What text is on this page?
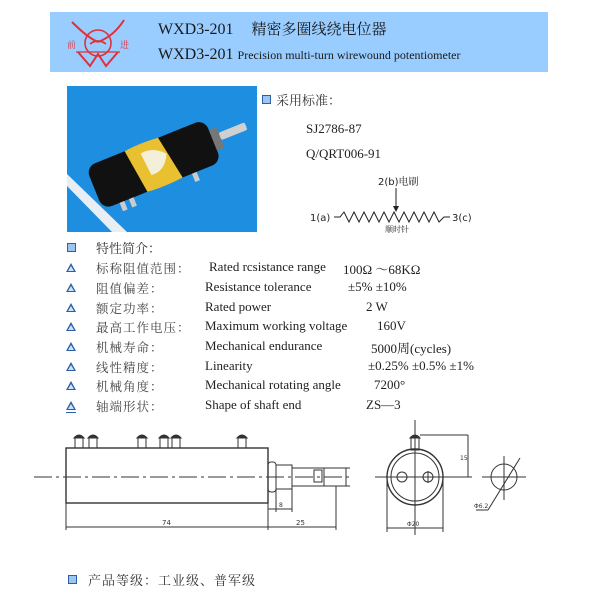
前	进
WXD3-201 精密多圈线绕电位器
WXD3-201 Precision multi-turn wirewound potentiometer
采用标准：
SJ2786-87
Q/QRT006-91
2(b)电刷
1(a)	3(c)
顺时针
特性简介：
标称阻值范围： Rated rcsistance range 100Ω ～68KΩ
阻值偏差：	Resistance tolerance	±5% ±10%
额定功率：	Rated power	2 W
最高工作电压： Maximum working voltage 160V
机械寿命：	Mechanical endurance	5000周(cycles)
线性精度：	Linearity	±0.25% ±0.5% ±1%
机械角度：	Mechanical rotating angle	7200°
轴端形状：	Shape of shaft end	ZS—3
74	25
8
15
Φ20
Φ6.2
产品等级：工业级、普军级
